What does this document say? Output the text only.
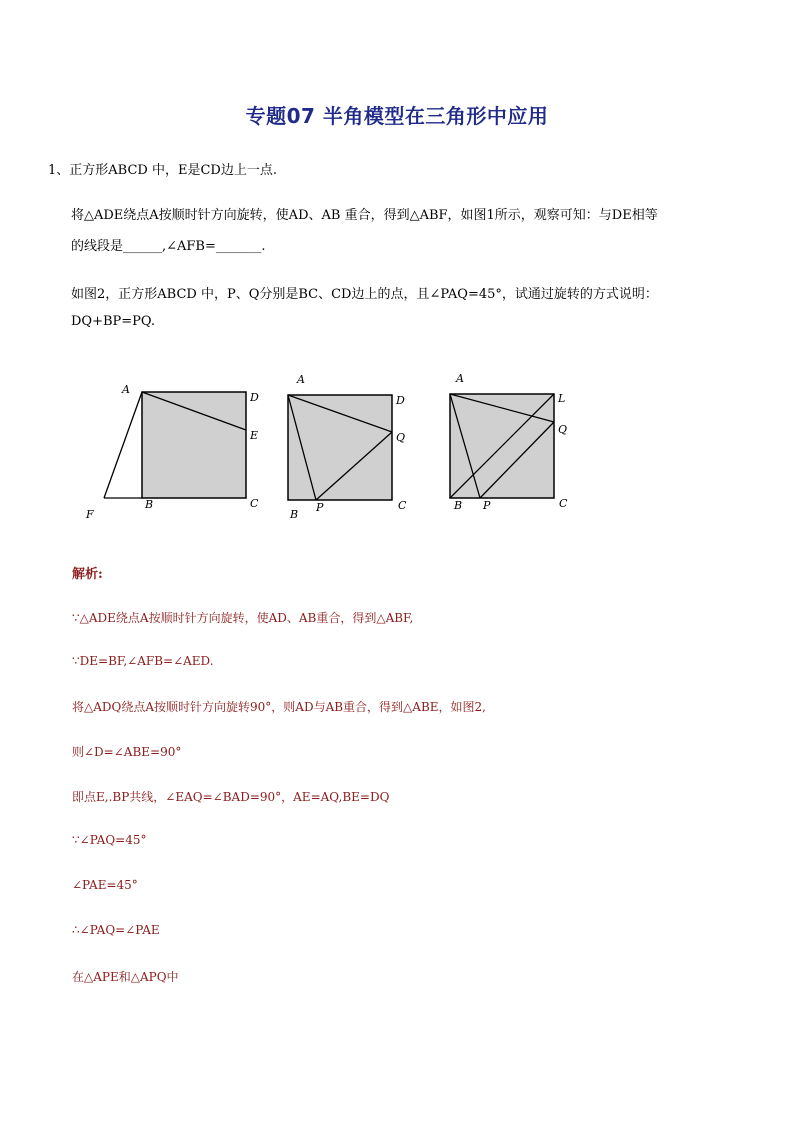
专题07 半角模型在三角形中应用
1、正方形ABCD 中，E是CD边上一点.
将△ADE绕点A按顺时针方向旋转，使AD、AB 重合，得到△ABF，如图1所示，观察可知：与DE相等
的线段是______,∠AFB=_______.
如图2，正方形ABCD 中，P、Q分别是BC、CD边上的点，且∠PAQ=45°，试通过旋转的方式说明：
DQ+BP=PQ.
A
D
E
C
B
F
A
D
Q
C
P
B
A
L
Q
C
B P
解析:
∵△ADE绕点A按顺时针方向旋转，使AD、AB重合，得到△ABF,
∵DE=BF,∠AFB=∠AED.
将△ADQ绕点A按顺时针方向旋转90°，则AD与AB重合，得到△ABE，如图2,
则∠D=∠ABE=90°
即点E,.BP共线，∠EAQ=∠BAD=90°，AE=AQ,BE=DQ
∵∠PAQ=45°
∠PAE=45°
∴∠PAQ=∠PAE
在△APE和△APQ中
